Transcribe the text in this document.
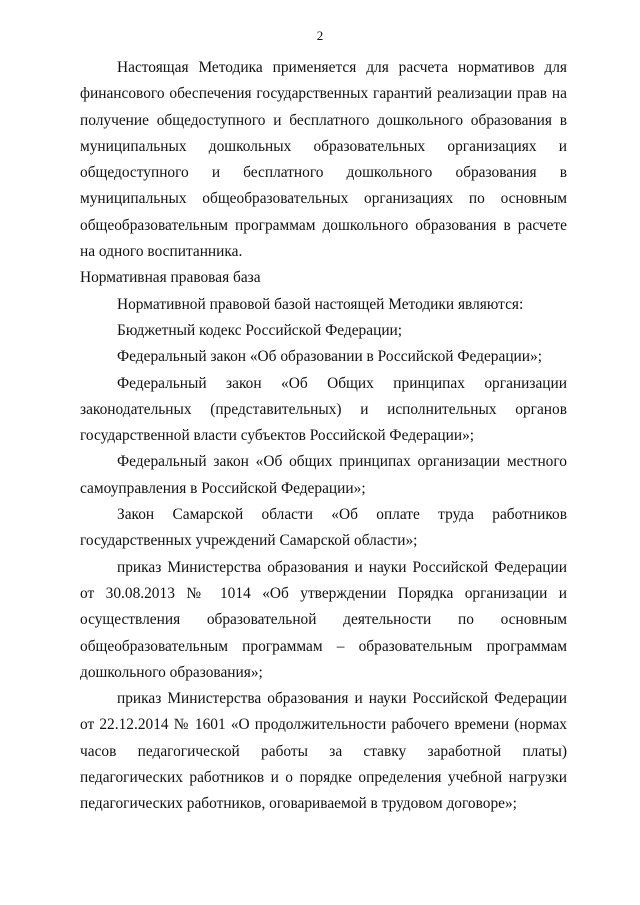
2

Настоящая Методика применяется для расчета нормативов для финансового обеспечения государственных гарантий реализации прав на получение общедоступного и бесплатного дошкольного образования в муниципальных дошкольных образовательных организациях и общедоступного и бесплатного дошкольного образования в муниципальных общеобразовательных организациях по основным общеобразовательным программам дошкольного образования в расчете на одного воспитанника.

Нормативная правовая база

Нормативной правовой базой настоящей Методики являются:

Бюджетный кодекс Российской Федерации;

Федеральный закон «Об образовании в Российской Федерации»;

Федеральный закон «Об Общих принципах организации законодательных (представительных) и исполнительных органов государственной власти субъектов Российской Федерации»;

Федеральный закон «Об общих принципах организации местного самоуправления в Российской Федерации»;

Закон Самарской области «Об оплате труда работников государственных учреждений Самарской области»;

приказ Министерства образования и науки Российской Федерации от 30.08.2013 № 1014 «Об утверждении Порядка организации и осуществления образовательной деятельности по основным общеобразовательным программам – образовательным программам дошкольного образования»;

приказ Министерства образования и науки Российской Федерации от 22.12.2014 № 1601 «О продолжительности рабочего времени (нормах часов педагогической работы за ставку заработной платы) педагогических работников и о порядке определения учебной нагрузки педагогических работников, оговариваемой в трудовом договоре»;
